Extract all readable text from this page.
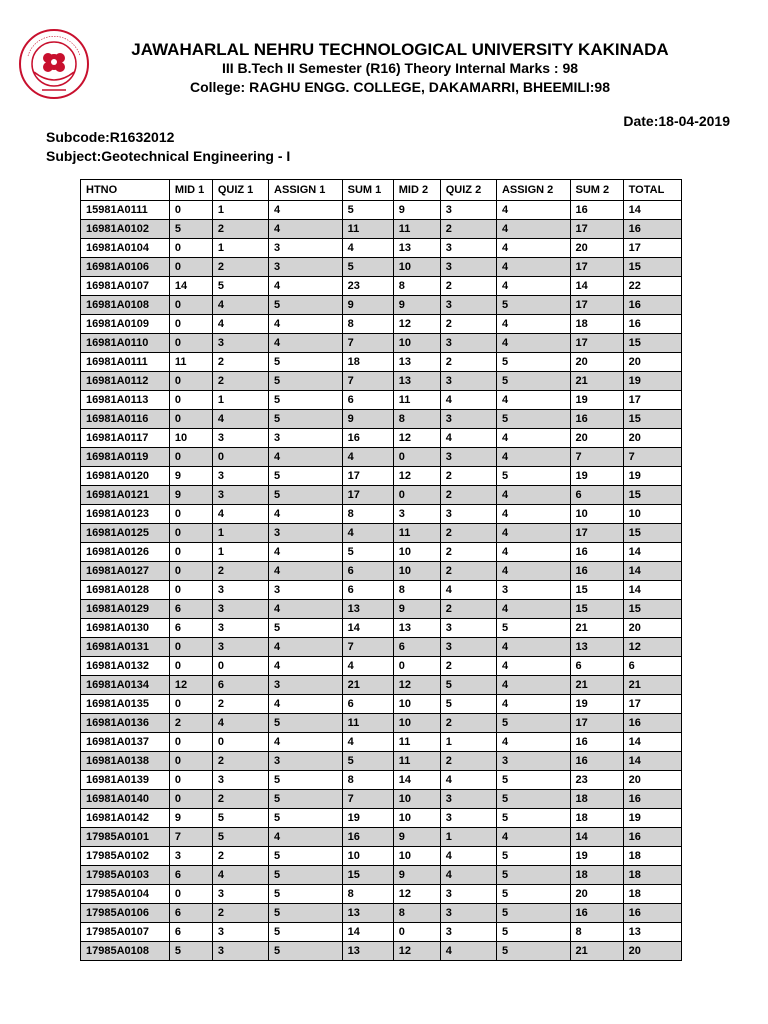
JAWAHARLAL NEHRU TECHNOLOGICAL UNIVERSITY KAKINADA
III B.Tech II Semester (R16) Theory Internal Marks : 98
College: RAGHU ENGG. COLLEGE, DAKAMARRI, BHEEMILI:98
Date:18-04-2019
Subcode:R1632012
Subject:Geotechnical Engineering - I
HTNO	MID 1	QUIZ 1	ASSIGN 1	SUM 1	MID 2	QUIZ 2	ASSIGN 2	SUM 2	TOTAL
15981A0111	0	1	4	5	9	3	4	16	14
16981A0102	5	2	4	11	11	2	4	17	16
16981A0104	0	1	3	4	13	3	4	20	17
16981A0106	0	2	3	5	10	3	4	17	15
16981A0107	14	5	4	23	8	2	4	14	22
16981A0108	0	4	5	9	9	3	5	17	16
16981A0109	0	4	4	8	12	2	4	18	16
16981A0110	0	3	4	7	10	3	4	17	15
16981A0111	11	2	5	18	13	2	5	20	20
16981A0112	0	2	5	7	13	3	5	21	19
16981A0113	0	1	5	6	11	4	4	19	17
16981A0116	0	4	5	9	8	3	5	16	15
16981A0117	10	3	3	16	12	4	4	20	20
16981A0119	0	0	4	4	0	3	4	7	7
16981A0120	9	3	5	17	12	2	5	19	19
16981A0121	9	3	5	17	0	2	4	6	15
16981A0123	0	4	4	8	3	3	4	10	10
16981A0125	0	1	3	4	11	2	4	17	15
16981A0126	0	1	4	5	10	2	4	16	14
16981A0127	0	2	4	6	10	2	4	16	14
16981A0128	0	3	3	6	8	4	3	15	14
16981A0129	6	3	4	13	9	2	4	15	15
16981A0130	6	3	5	14	13	3	5	21	20
16981A0131	0	3	4	7	6	3	4	13	12
16981A0132	0	0	4	4	0	2	4	6	6
16981A0134	12	6	3	21	12	5	4	21	21
16981A0135	0	2	4	6	10	5	4	19	17
16981A0136	2	4	5	11	10	2	5	17	16
16981A0137	0	0	4	4	11	1	4	16	14
16981A0138	0	2	3	5	11	2	3	16	14
16981A0139	0	3	5	8	14	4	5	23	20
16981A0140	0	2	5	7	10	3	5	18	16
16981A0142	9	5	5	19	10	3	5	18	19
17985A0101	7	5	4	16	9	1	4	14	16
17985A0102	3	2	5	10	10	4	5	19	18
17985A0103	6	4	5	15	9	4	5	18	18
17985A0104	0	3	5	8	12	3	5	20	18
17985A0106	6	2	5	13	8	3	5	16	16
17985A0107	6	3	5	14	0	3	5	8	13
17985A0108	5	3	5	13	12	4	5	21	20
